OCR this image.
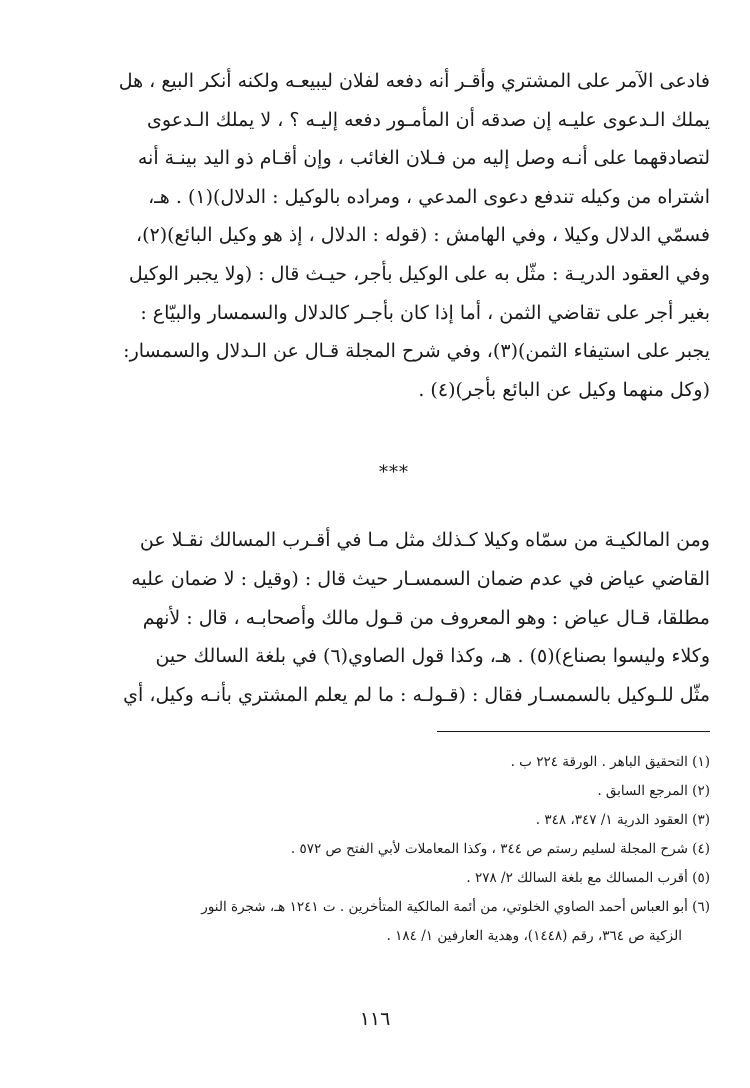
فادعى الآمر على المشتري وأقـر أنه دفعه لفلان ليبيعـه ولكنه أنكر البيع ، هل
يملك الـدعوى عليـه إن صدقه أن المأمـور دفعه إليـه ؟ ، لا يملك الـدعوى
لتصادقهما على أنـه وصل إليه من فـلان الغائب ، وإن أقـام ذو اليد بينـة أنه
اشتراه من وكيله تندفع دعوى المدعي ، ومراده بالوكيل : الدلال)(١) . هـ،
فسمّي الدلال وكيلا ، وفي الهامش : (قوله : الدلال ، إذ هو وكيل البائع)(٢)،
وفي العقود الدريـة : مثّل به على الوكيل بأجر، حيـث قال : (ولا يجبر الوكيل
بغير أجر على تقاضي الثمن ، أما إذا كان بأجـر كالدلال والسمسار والبيّاع :
يجبر على استيفاء الثمن)(٣)، وفي شرح المجلة قـال عن الـدلال والسمسار:
(وكل منهما وكيل عن البائع بأجر)(٤) .
***
ومن المالكيـة من سمّاه وكيلا كـذلك مثل مـا في أقـرب المسالك نقـلا عن
القاضي عياض في عدم ضمان السمسـار حيث قال : (وقيل : لا ضمان عليه
مطلقا، قـال عياض : وهو المعروف من قـول مالك وأصحابـه ، قال : لأنهم
وكلاء وليسوا بصناع)(٥) . هـ، وكذا قول الصاوي(٦) في بلغة السالك حين
مثّل للـوكيل بالسمسـار فقال : (قـولـه : ما لم يعلم المشتري بأنـه وكيل، أي
(١) التحقيق الباهر . الورقة ٢٢٤ ب .
(٢) المرجع السابق .
(٣) العقود الدرية ١/ ٣٤٧، ٣٤٨ .
(٤) شرح المجلة لسليم رستم ص ٣٤٤ ، وكذا المعاملات لأبي الفتح ص ٥٧٢ .
(٥) أقرب المسالك مع بلغة السالك ٢/ ٢٧٨ .
(٦) أبو العباس أحمد الصاوي الخلوتي، من أئمة المالكية المتأخرين . ت ١٢٤١ هـ، شجرة النور
الزكية ص ٣٦٤، رقم (١٤٤٨)، وهدية العارفين ١/ ١٨٤ .
١١٦
